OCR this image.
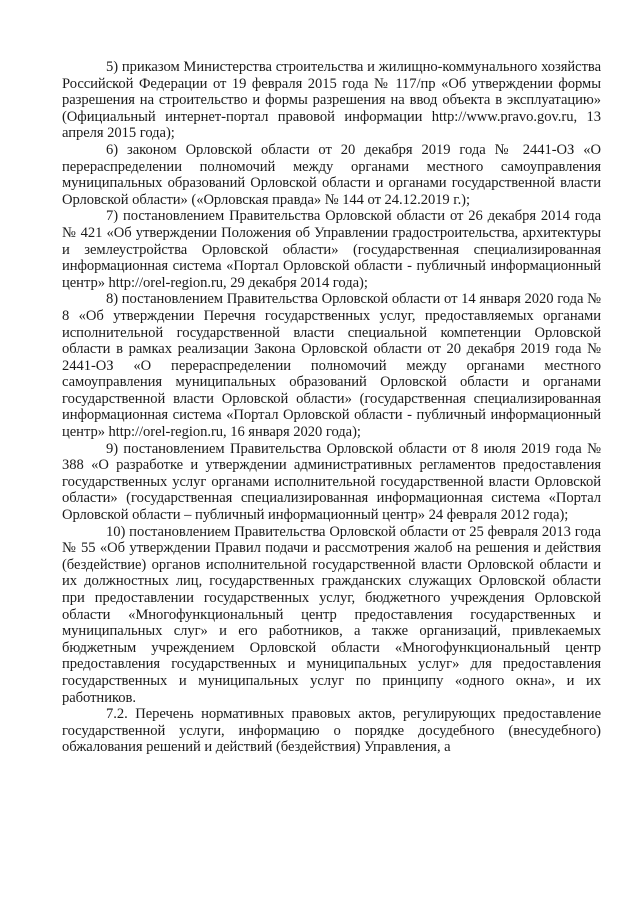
5) приказом Министерства строительства и жилищно-коммунального хозяйства Российской Федерации от 19 февраля 2015 года № 117/пр «Об утверждении формы разрешения на строительство и формы разрешения на ввод объекта в эксплуатацию» (Официальный интернет-портал правовой информации http://www.pravo.gov.ru, 13 апреля 2015 года);

6) законом Орловской области от 20 декабря 2019 года № 2441-ОЗ «О перераспределении полномочий между органами местного самоуправления муниципальных образований Орловской области и органами государственной власти Орловской области» («Орловская правда» № 144 от 24.12.2019 г.);

7) постановлением Правительства Орловской области от 26 декабря 2014 года № 421 «Об утверждении Положения об Управлении градостроительства, архитектуры и землеустройства Орловской области» (государственная специализированная информационная система «Портал Орловской области - публичный информационный центр» http://orel-region.ru, 29 декабря 2014 года);

8) постановлением Правительства Орловской области от 14 января 2020 года № 8 «Об утверждении Перечня государственных услуг, предоставляемых органами исполнительной государственной власти специальной компетенции Орловской области в рамках реализации Закона Орловской области от 20 декабря 2019 года № 2441-ОЗ «О перераспределении полномочий между органами местного самоуправления муниципальных образований Орловской области и органами государственной власти Орловской области» (государственная специализированная информационная система «Портал Орловской области - публичный информационный центр» http://orel-region.ru, 16 января 2020 года);

9) постановлением Правительства Орловской области от 8 июля 2019 года № 388 «О разработке и утверждении административных регламентов предоставления государственных услуг органами исполнительной государственной власти Орловской области» (государственная специализированная информационная система «Портал Орловской области – публичный информационный центр» 24 февраля 2012 года);

10) постановлением Правительства Орловской области от 25 февраля 2013 года № 55 «Об утверждении Правил подачи и рассмотрения жалоб на решения и действия (бездействие) органов исполнительной государственной власти Орловской области и их должностных лиц, государственных гражданских служащих Орловской области при предоставлении государственных услуг, бюджетного учреждения Орловской области «Многофункциональный центр предоставления государственных и муниципальных слуг» и его работников, а также организаций, привлекаемых бюджетным учреждением Орловской области «Многофункциональный центр предоставления государственных и муниципальных услуг» для предоставления государственных и муниципальных услуг по принципу «одного окна», и их работников.

7.2. Перечень нормативных правовых актов, регулирующих предоставление государственной услуги, информацию о порядке досудебного (внесудебного) обжалования решений и действий (бездействия) Управления, а
